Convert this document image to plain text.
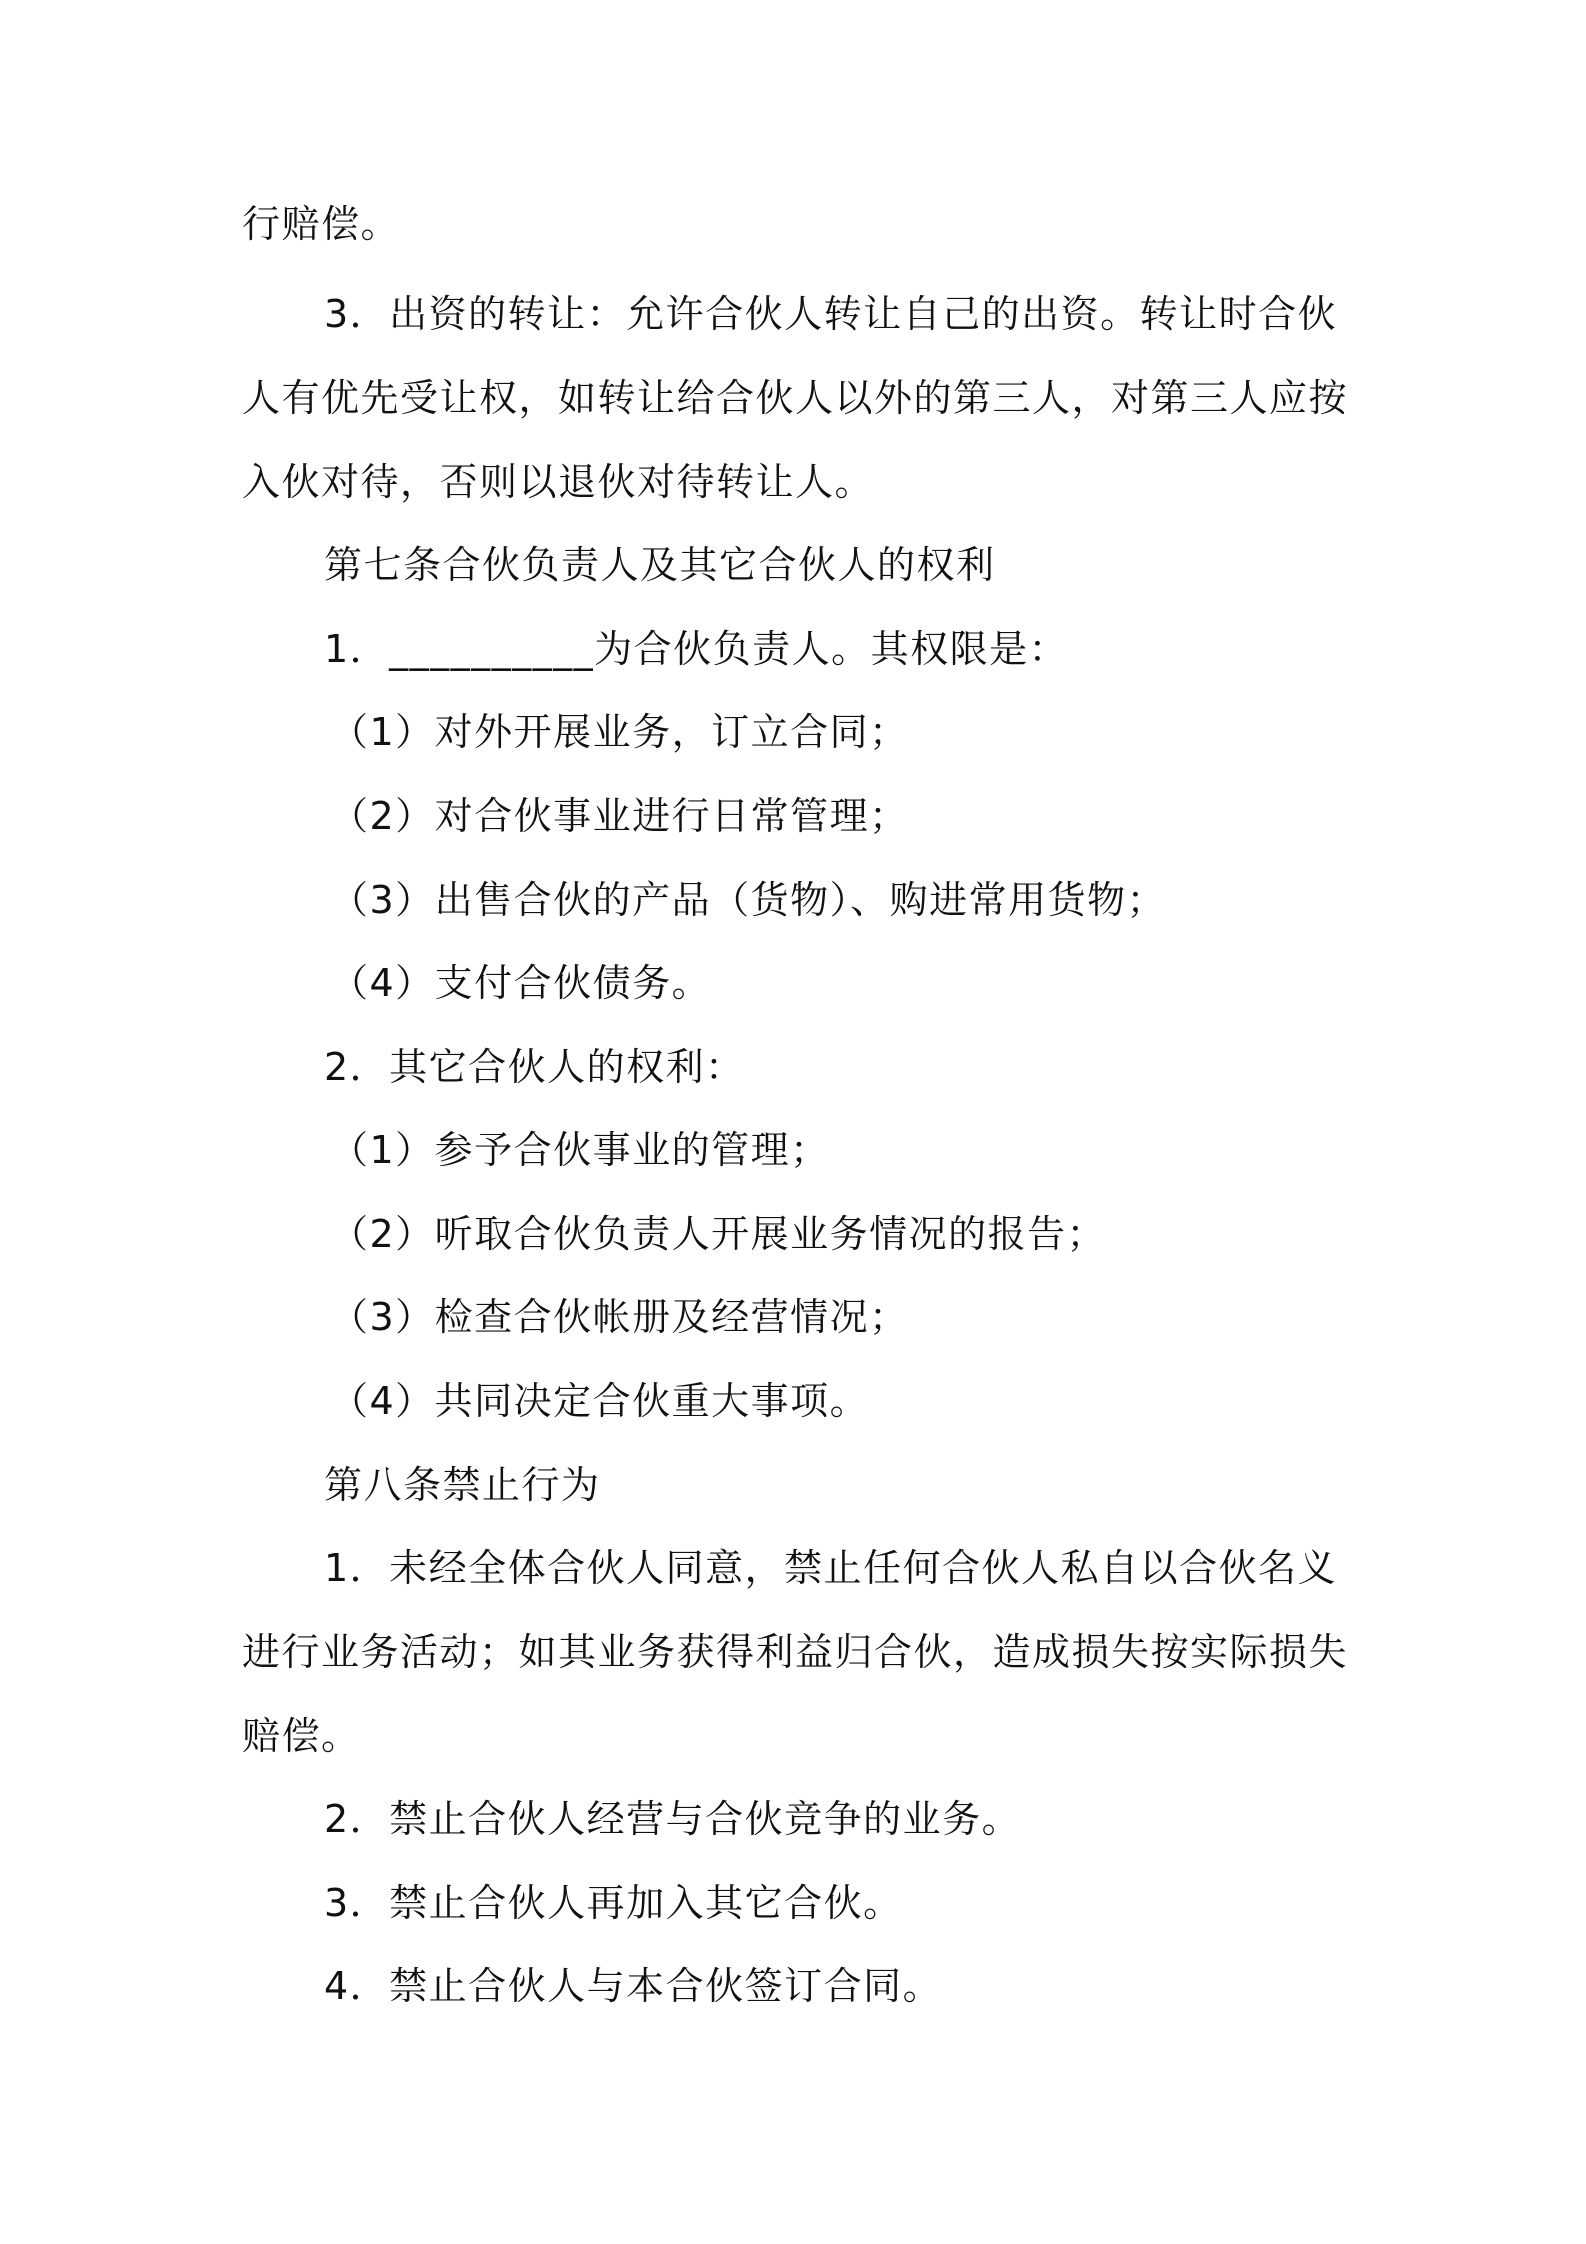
行赔偿。
3．出资的转让：允许合伙人转让自己的出资。转让时合伙
人有优先受让权，如转让给合伙人以外的第三人，对第三人应按
入伙对待，否则以退伙对待转让人。
第七条合伙负责人及其它合伙人的权利
1．__________为合伙负责人。其权限是：
（1）对外开展业务，订立合同；
（2）对合伙事业进行日常管理；
（3）出售合伙的产品（货物）、购进常用货物；
（4）支付合伙债务。
2．其它合伙人的权利：
（1）参予合伙事业的管理；
（2）听取合伙负责人开展业务情况的报告；
（3）检查合伙帐册及经营情况；
（4）共同决定合伙重大事项。
第八条禁止行为
1．未经全体合伙人同意，禁止任何合伙人私自以合伙名义
进行业务活动；如其业务获得利益归合伙，造成损失按实际损失
赔偿。
2．禁止合伙人经营与合伙竞争的业务。
3．禁止合伙人再加入其它合伙。
4．禁止合伙人与本合伙签订合同。
